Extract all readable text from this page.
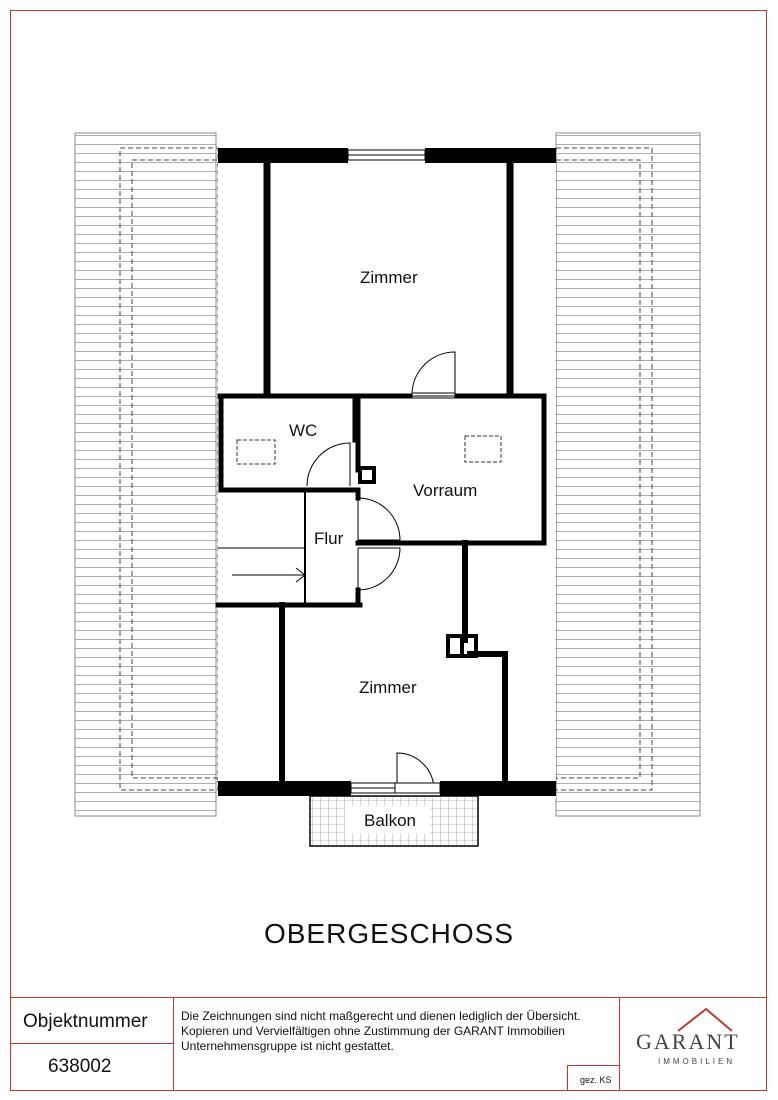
Zimmer
WC
Vorraum
Flur
Zimmer
Balkon
OBERGESCHOSS
Objektnummer
638002
Die Zeichnungen sind nicht maßgerecht und dienen lediglich der Übersicht.
Kopieren und Vervielfältigen ohne Zustimmung der GARANT Immobilien
Unternehmensgruppe ist nicht gestattet.
gez. KS
GARANT
IMMOBILIEN
